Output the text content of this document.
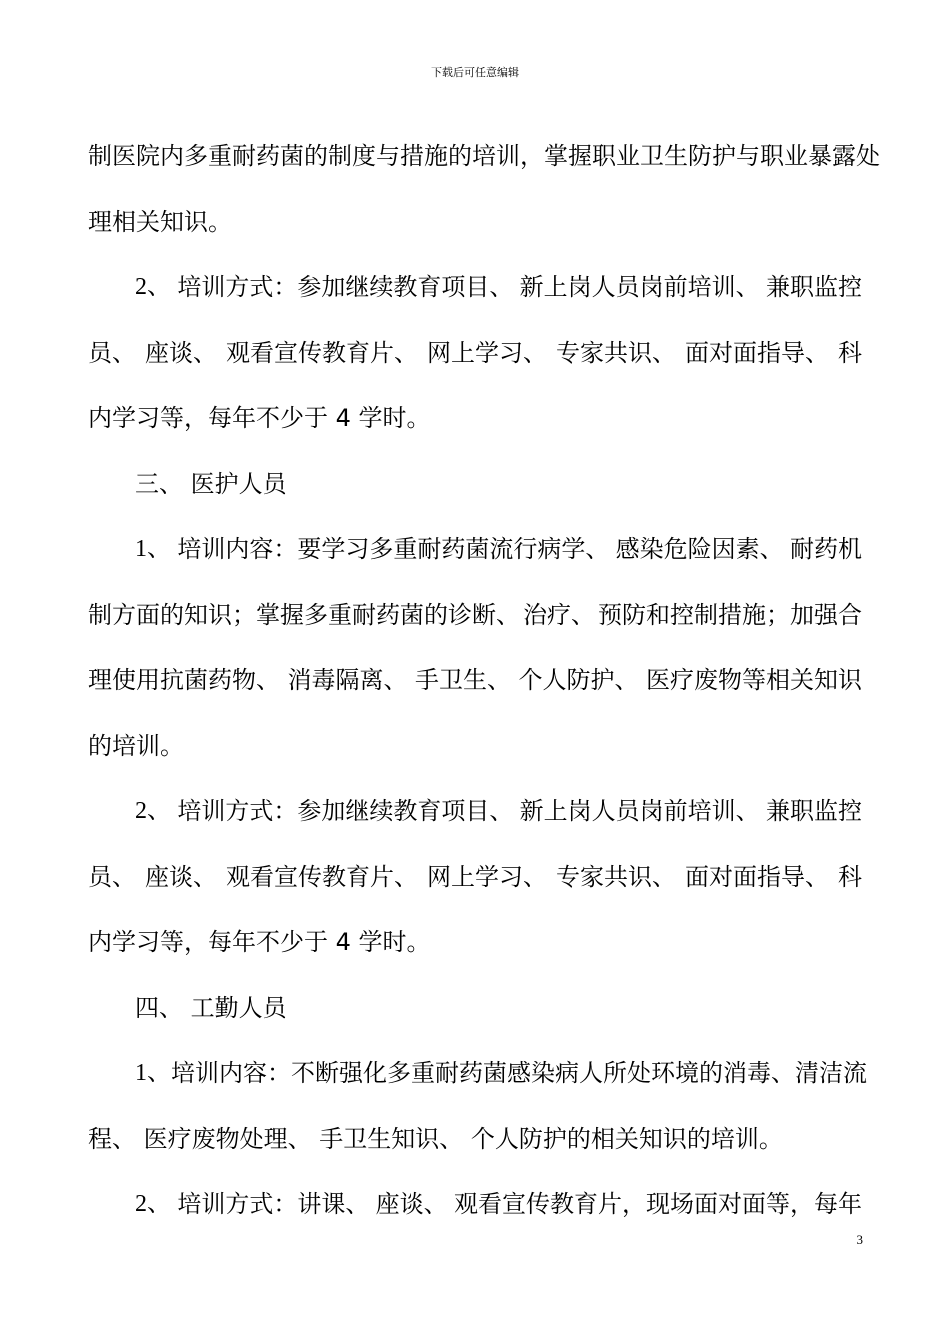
下载后可任意编辑
制医院内多重耐药菌的制度与措施的培训，掌握职业卫生防护与职业暴露处
理相关知识。
2、 培训方式：参加继续教育项目、 新上岗人员岗前培训、 兼职监控
员、 座谈、 观看宣传教育片、 网上学习、 专家共识、 面对面指导、 科
内学习等，每年不少于 4 学时。
三、 医护人员
1、 培训内容：要学习多重耐药菌流行病学、 感染危险因素、 耐药机
制方面的知识；掌握多重耐药菌的诊断、 治疗、 预防和控制措施；加强合
理使用抗菌药物、 消毒隔离、 手卫生、 个人防护、 医疗废物等相关知识
的培训。
2、 培训方式：参加继续教育项目、 新上岗人员岗前培训、 兼职监控
员、 座谈、 观看宣传教育片、 网上学习、 专家共识、 面对面指导、 科
内学习等，每年不少于 4 学时。
四、 工勤人员
1、 培训内容：不断强化多重耐药菌感染病人所处环境的消毒、 清洁流
程、 医疗废物处理、 手卫生知识、 个人防护的相关知识的培训。
2、 培训方式：讲课、 座谈、 观看宣传教育片，现场面对面等，每年
3
